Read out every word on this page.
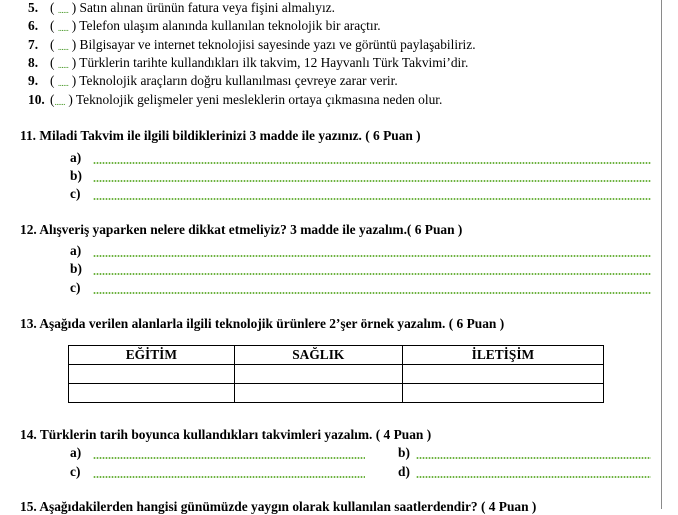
5. ( ...... ) Satın alınan ürünün fatura veya fişini almalıyız.
6. ( ...... ) Telefon ulaşım alanında kullanılan teknolojik bir araçtır.
7. ( ...... ) Bilgisayar ve internet teknolojisi sayesinde yazı ve görüntü paylaşabiliriz.
8. ( ...... ) Türklerin tarihte kullandıkları ilk takvim, 12 Hayvanlı Türk Takvimi’dir.
9. ( ...... ) Teknolojik araçların doğru kullanılması çevreye zarar verir.
10. (...... ) Teknolojik gelişmeler yeni mesleklerin ortaya çıkmasına neden olur.
11. Miladi Takvim ile ilgili bildiklerinizi 3 madde ile yazınız. ( 6 Puan )
a)
b)
c)
12. Alışveriş yaparken nelere dikkat etmeliyiz? 3 madde ile yazalım.( 6 Puan )
a)
b)
c)
13. Aşağıda verilen alanlarla ilgili teknolojik ürünlere 2’şer örnek yazalım. ( 6 Puan )
EĞİTİM	SAĞLIK	İLETİŞİM

14. Türklerin tarih boyunca kullandıkları takvimleri yazalım. ( 4 Puan )
a)	b)
c)	d)
15. Aşağıdakilerden hangisi günümüzde yaygın olarak kullanılan saatlerdendir? ( 4 Puan )
